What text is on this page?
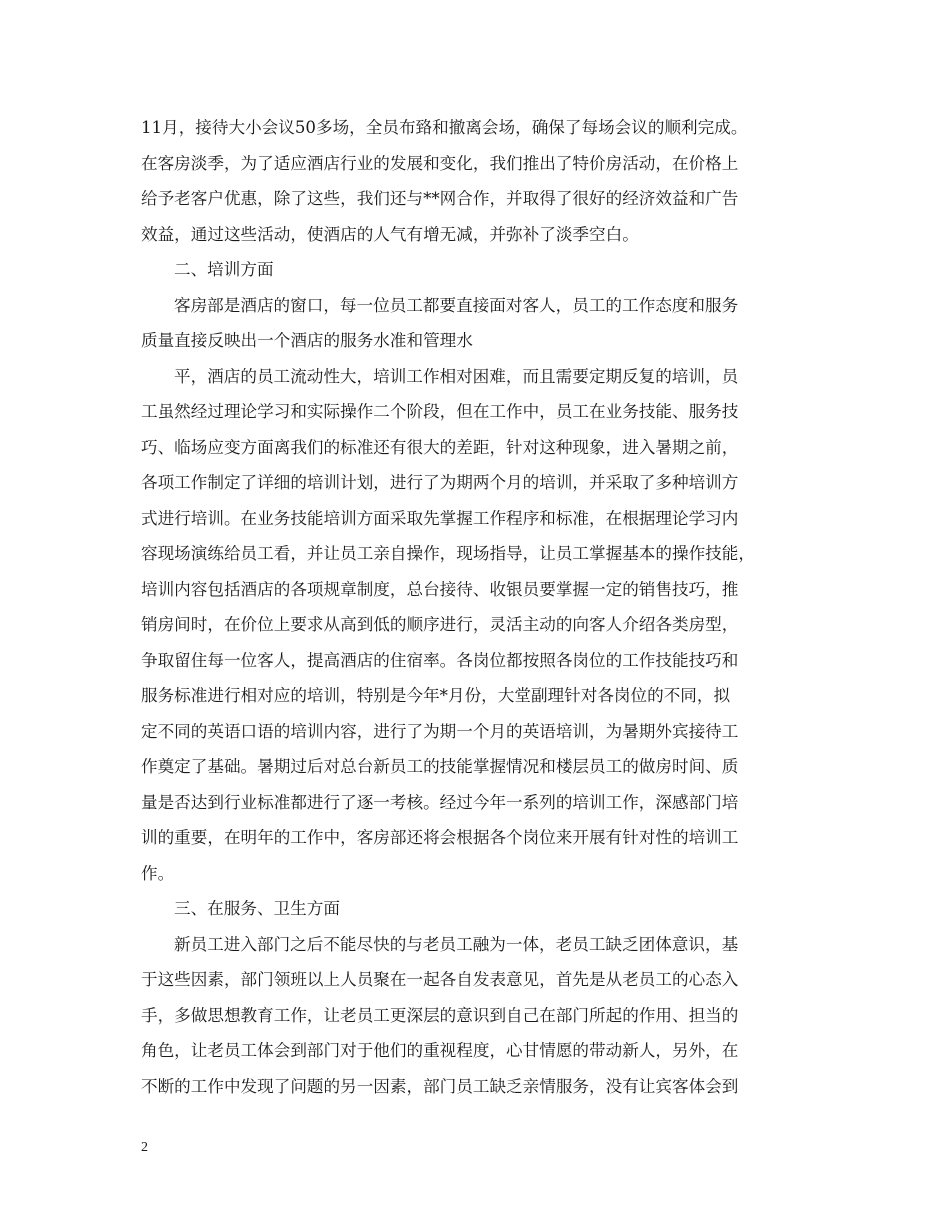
11月，接待大小会议50多场，全员布臵和撤离会场，确保了每场会议的顺利完成。
在客房淡季，为了适应酒店行业的发展和变化，我们推出了特价房活动，在价格上
给予老客户优惠，除了这些，我们还与**网合作，并取得了很好的经济效益和广告
效益，通过这些活动，使酒店的人气有增无减，并弥补了淡季空白。
二、培训方面
客房部是酒店的窗口，每一位员工都要直接面对客人，员工的工作态度和服务
质量直接反映出一个酒店的服务水准和管理水
平，酒店的员工流动性大，培训工作相对困难，而且需要定期反复的培训，员
工虽然经过理论学习和实际操作二个阶段，但在工作中，员工在业务技能、服务技
巧、临场应变方面离我们的标准还有很大的差距，针对这种现象，进入暑期之前，
各项工作制定了详细的培训计划，进行了为期两个月的培训，并采取了多种培训方
式进行培训。在业务技能培训方面采取先掌握工作程序和标准，在根据理论学习内
容现场演练给员工看，并让员工亲自操作，现场指导，让员工掌握基本的操作技能，
培训内容包括酒店的各项规章制度，总台接待、收银员要掌握一定的销售技巧，推
销房间时，在价位上要求从高到低的顺序进行，灵活主动的向客人介绍各类房型，
争取留住每一位客人，提高酒店的住宿率。各岗位都按照各岗位的工作技能技巧和
服务标准进行相对应的培训，特别是今年*月份，大堂副理针对各岗位的不同，拟
定不同的英语口语的培训内容，进行了为期一个月的英语培训，为暑期外宾接待工
作奠定了基础。暑期过后对总台新员工的技能掌握情况和楼层员工的做房时间、质
量是否达到行业标准都进行了逐一考核。经过今年一系列的培训工作，深感部门培
训的重要，在明年的工作中，客房部还将会根据各个岗位来开展有针对性的培训工
作。
三、在服务、卫生方面
新员工进入部门之后不能尽快的与老员工融为一体，老员工缺乏团体意识，基
于这些因素，部门领班以上人员聚在一起各自发表意见，首先是从老员工的心态入
手，多做思想教育工作，让老员工更深层的意识到自己在部门所起的作用、担当的
角色，让老员工体会到部门对于他们的重视程度，心甘情愿的带动新人，另外，在
不断的工作中发现了问题的另一因素，部门员工缺乏亲情服务，没有让宾客体会到
2
